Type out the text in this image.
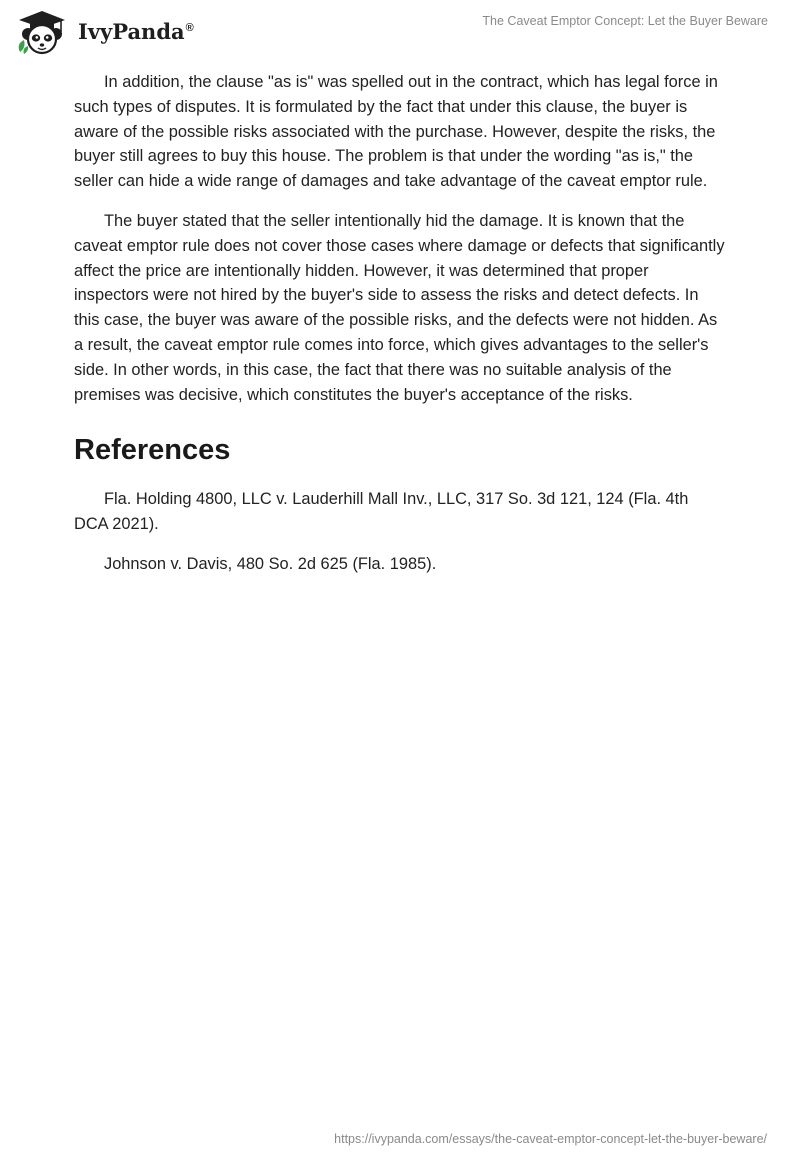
IvyPanda®	The Caveat Emptor Concept: Let the Buyer Beware

In addition, the clause "as is" was spelled out in the contract, which has legal force in such types of disputes. It is formulated by the fact that under this clause, the buyer is aware of the possible risks associated with the purchase. However, despite the risks, the buyer still agrees to buy this house. The problem is that under the wording "as is," the seller can hide a wide range of damages and take advantage of the caveat emptor rule.

The buyer stated that the seller intentionally hid the damage. It is known that the caveat emptor rule does not cover those cases where damage or defects that significantly affect the price are intentionally hidden. However, it was determined that proper inspectors were not hired by the buyer's side to assess the risks and detect defects. In this case, the buyer was aware of the possible risks, and the defects were not hidden. As a result, the caveat emptor rule comes into force, which gives advantages to the seller's side. In other words, in this case, the fact that there was no suitable analysis of the premises was decisive, which constitutes the buyer's acceptance of the risks.

References

Fla. Holding 4800, LLC v. Lauderhill Mall Inv., LLC, 317 So. 3d 121, 124 (Fla. 4th DCA 2021).

Johnson v. Davis, 480 So. 2d 625 (Fla. 1985).

https://ivypanda.com/essays/the-caveat-emptor-concept-let-the-buyer-beware/
